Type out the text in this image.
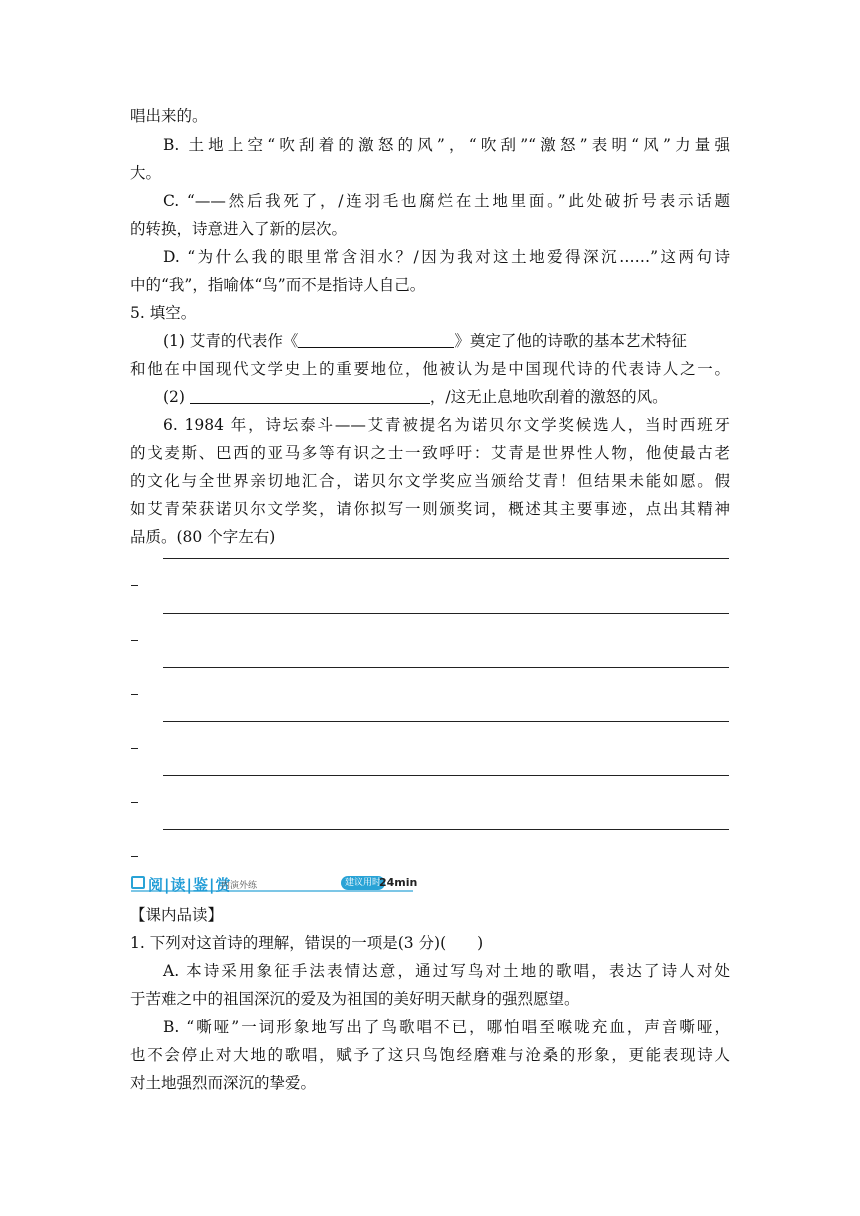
唱出来的。
B. 土地上空“吹刮着的激怒的风”，“吹刮”“激怒”表明“风”力量强
大。
C. “——然后我死了，/连羽毛也腐烂在土地里面。”此处破折号表示话题
的转换，诗意进入了新的层次。
D. “为什么我的眼里常含泪水？/因为我对这土地爱得深沉……”这两句诗
中的“我”，指喻体“鸟”而不是指诗人自己。
5. 填空。
(1) 艾青的代表作《	》奠定了他的诗歌的基本艺术特征
和他在中国现代文学史上的重要地位，他被认为是中国现代诗的代表诗人之一。
(2)	，/这无止息地吹刮着的激怒的风。
6. 1984 年，诗坛泰斗——艾青被提名为诺贝尔文学奖候选人，当时西班牙
的戈麦斯、巴西的亚马多等有识之士一致呼吁：艾青是世界性人物，他使最古老
的文化与全世界亲切地汇合，诺贝尔文学奖应当颁给艾青！但结果未能如愿。假
如艾青荣获诺贝尔文学奖，请你拟写一则颁奖词，概述其主要事迹，点出其精神
品质。(80 个字左右)
阅|读|鉴|赏
内演外练	建议用时
24min
【课内品读】
1. 下列对这首诗的理解，错误的一项是(3 分)(　　)
A. 本诗采用象征手法表情达意，通过写鸟对土地的歌唱，表达了诗人对处
于苦难之中的祖国深沉的爱及为祖国的美好明天献身的强烈愿望。
B. “嘶哑”一词形象地写出了鸟歌唱不已，哪怕唱至喉咙充血，声音嘶哑，
也不会停止对大地的歌唱，赋予了这只鸟饱经磨难与沧桑的形象，更能表现诗人
对土地强烈而深沉的挚爱。
